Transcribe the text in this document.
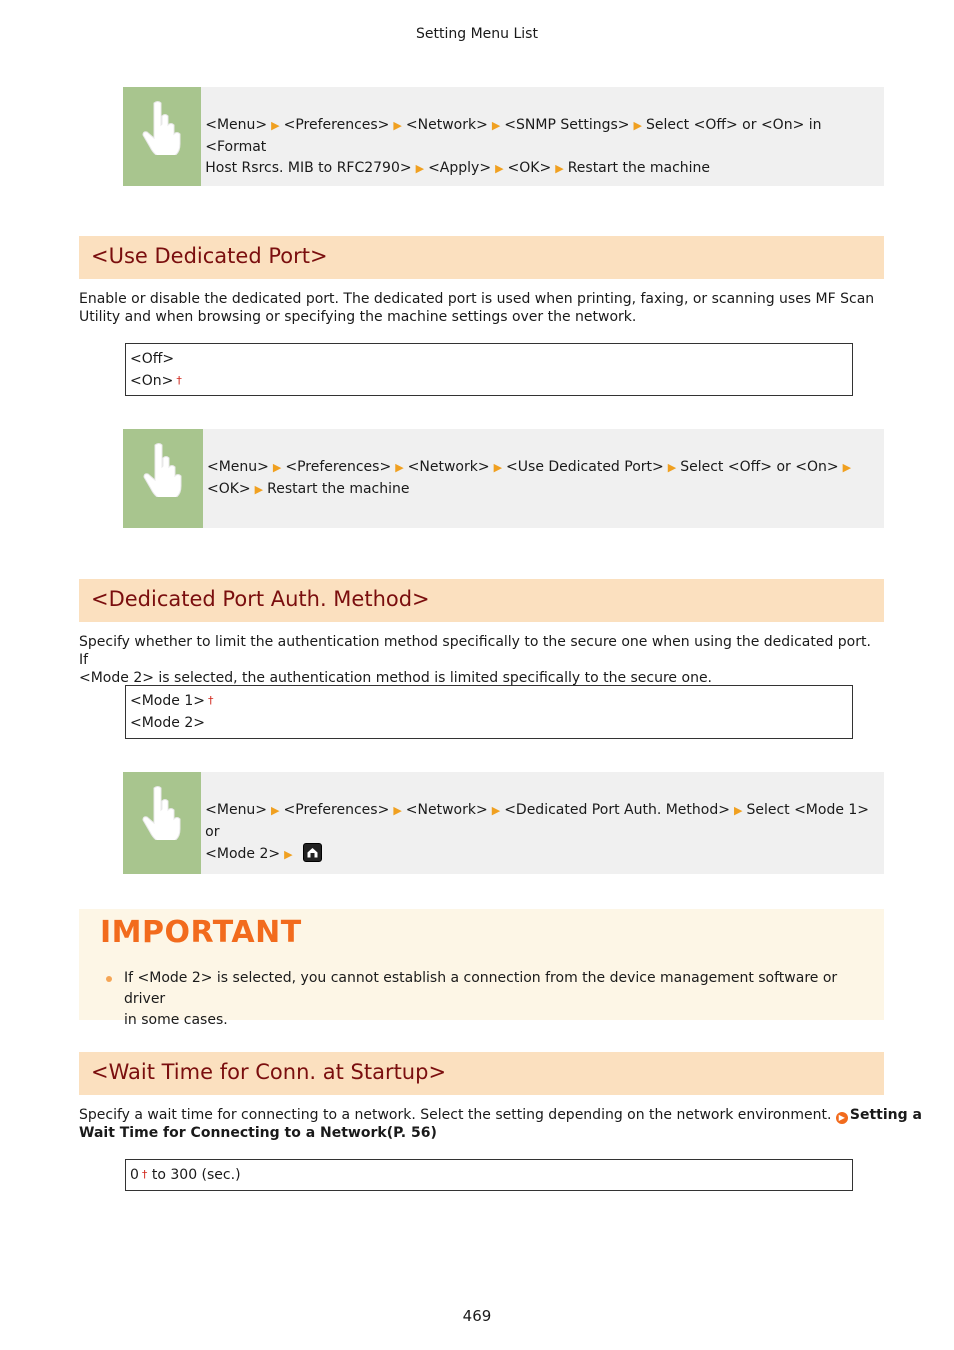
Setting Menu List
<Menu> ▶ <Preferences> ▶ <Network> ▶ <SNMP Settings> ▶ Select <Off> or <On> in <Format
Host Rsrcs. MIB to RFC2790> ▶ <Apply> ▶ <OK> ▶ Restart the machine
<Use Dedicated Port>
Enable or disable the dedicated port. The dedicated port is used when printing, faxing, or scanning uses MF Scan
Utility and when browsing or specifying the machine settings over the network.
<Off>
<On> †
<Menu> ▶ <Preferences> ▶ <Network> ▶ <Use Dedicated Port> ▶ Select <Off> or <On> ▶
<OK> ▶ Restart the machine
<Dedicated Port Auth. Method>
Specify whether to limit the authentication method specifically to the secure one when using the dedicated port. If
<Mode 2> is selected, the authentication method is limited specifically to the secure one.
<Mode 1> †
<Mode 2>
<Menu> ▶ <Preferences> ▶ <Network> ▶ <Dedicated Port Auth. Method> ▶ Select <Mode 1> or
<Mode 2> ▶
IMPORTANT
If <Mode 2> is selected, you cannot establish a connection from the device management software or driver
in some cases.
<Wait Time for Conn. at Startup>
Specify a wait time for connecting to a network. Select the setting depending on the network environment. ▶ Setting a
Wait Time for Connecting to a Network(P. 56)
0 † to 300 (sec.)
469
